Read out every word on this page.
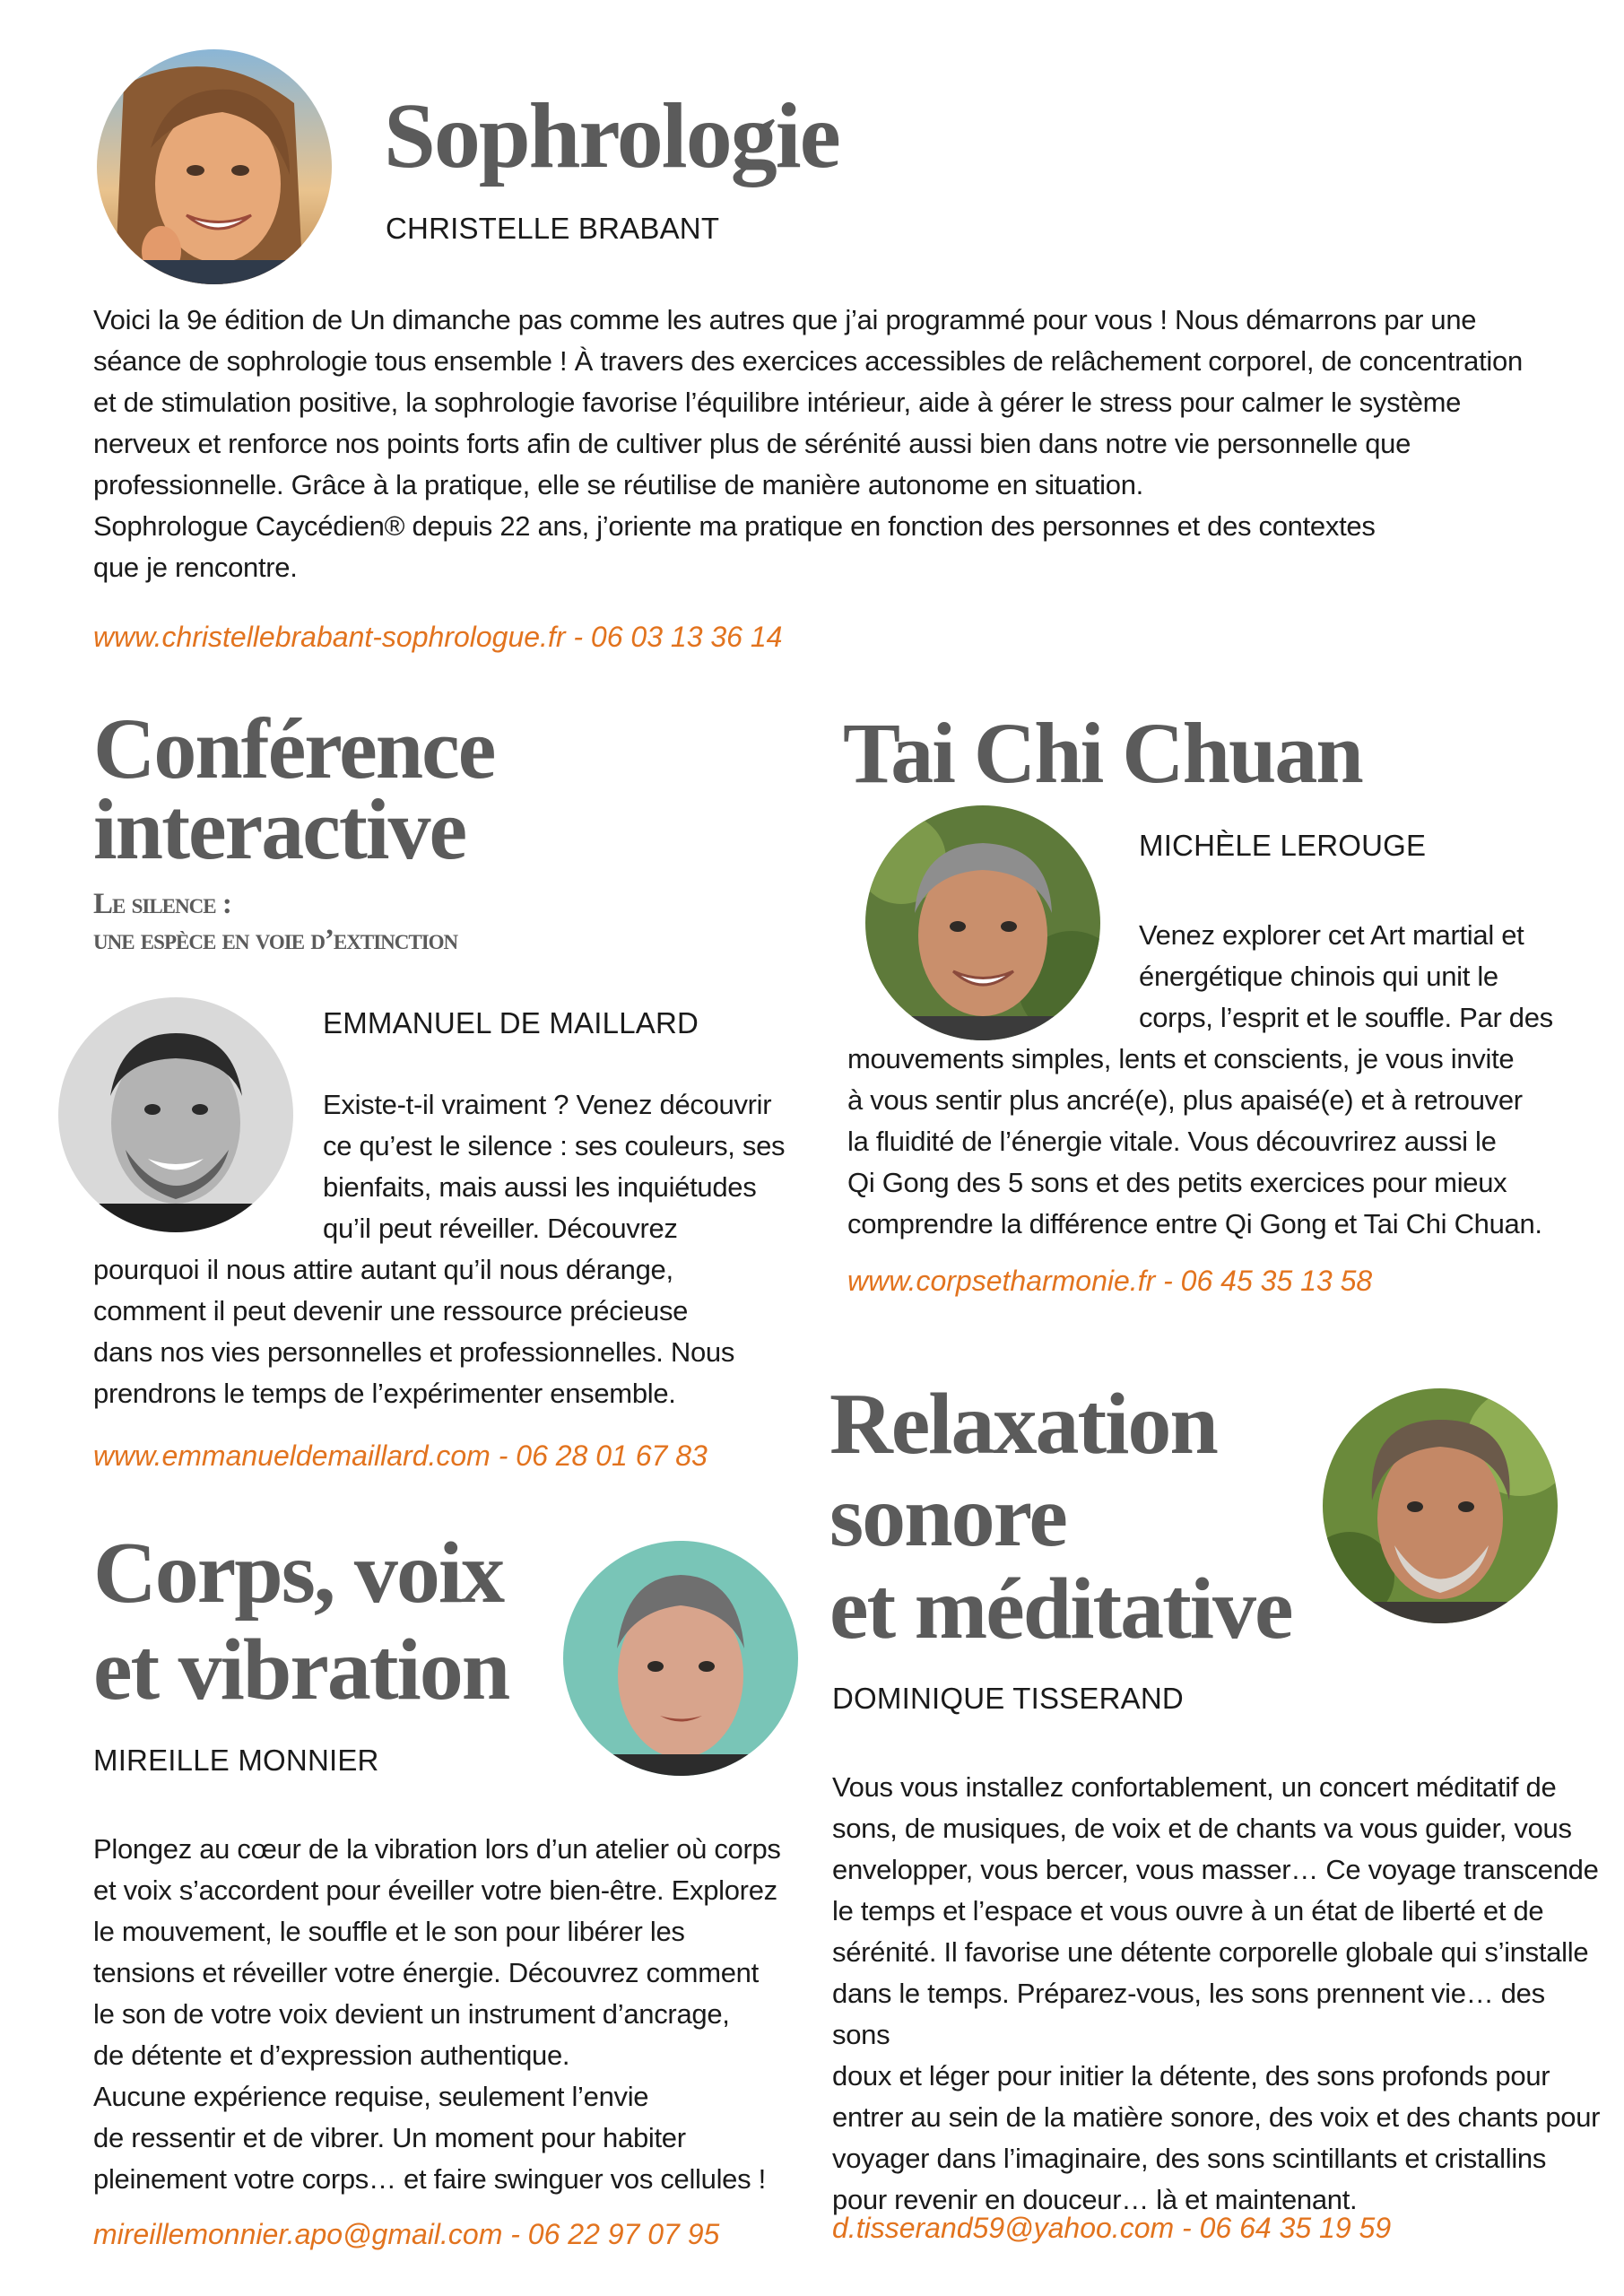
Sophrologie
CHRISTELLE BRABANT

Voici la 9e édition de Un dimanche pas comme les autres que j’ai programmé pour vous ! Nous démarrons par une

séance de sophrologie tous ensemble ! À travers des exercices accessibles de relâchement corporel, de concentration

et de stimulation positive, la sophrologie favorise l’équilibre intérieur, aide à gérer le stress pour calmer le système

nerveux et renforce nos points forts afin de cultiver plus de sérénité aussi bien dans notre vie personnelle que

professionnelle. Grâce à la pratique, elle se réutilise de manière autonome en situation.

Sophrologue Caycédien® depuis 22 ans, j’oriente ma pratique en fonction des personnes et des contextes

que je rencontre.

www.christellebrabant-sophrologue.fr - 06 03 13 36 14
Conférence
interactive
Le silence :
une espèce en voie d’extinction
EMMANUEL DE MAILLARD

Existe-t-il vraiment ? Venez découvrir

ce qu’est le silence : ses couleurs, ses

bienfaits, mais aussi les inquiétudes

qu’il peut réveiller. Découvrez

pourquoi il nous attire autant qu’il nous dérange,

comment il peut devenir une ressource précieuse

dans nos vies personnelles et professionnelles. Nous

prendrons le temps de l’expérimenter ensemble.

www.emmanueldemaillard.com - 06 28 01 67 83
Tai Chi Chuan
MICHÈLE LEROUGE

Venez explorer cet Art martial et

énergétique chinois qui unit le

corps, l’esprit et le souffle. Par des

mouvements simples, lents et conscients, je vous invite

à vous sentir plus ancré(e), plus apaisé(e) et à retrouver

la fluidité de l’énergie vitale. Vous découvrirez aussi le

Qi Gong des 5 sons et des petits exercices pour mieux

comprendre la différence entre Qi Gong et Tai Chi Chuan.

www.corpsetharmonie.fr - 06 45 35 13 58
Corps, voix
et vibration
MIREILLE MONNIER

Plongez au cœur de la vibration lors d’un atelier où corps

et voix s’accordent pour éveiller votre bien-être. Explorez

le mouvement, le souffle et le son pour libérer les

tensions et réveiller votre énergie. Découvrez comment

le son de votre voix devient un instrument d’ancrage,

de détente et d’expression authentique.

Aucune expérience requise, seulement l’envie

de ressentir et de vibrer. Un moment pour habiter

pleinement votre corps… et faire swinguer vos cellules !

mireillemonnier.apo@gmail.com - 06 22 97 07 95
Relaxation
sonore
et méditative
DOMINIQUE TISSERAND

Vous vous installez confortablement, un concert méditatif de

sons, de musiques, de voix et de chants va vous guider, vous

envelopper, vous bercer, vous masser… Ce voyage transcende

le temps et l’espace et vous ouvre à un état de liberté et de

sérénité. Il favorise une détente corporelle globale qui s’installe

dans le temps. Préparez-vous, les sons prennent vie… des sons

doux et léger pour initier la détente, des sons profonds pour

entrer au sein de la matière sonore, des voix et des chants pour

voyager dans l’imaginaire, des sons scintillants et cristallins

pour revenir en douceur… là et maintenant.

d.tisserand59@yahoo.com - 06 64 35 19 59
